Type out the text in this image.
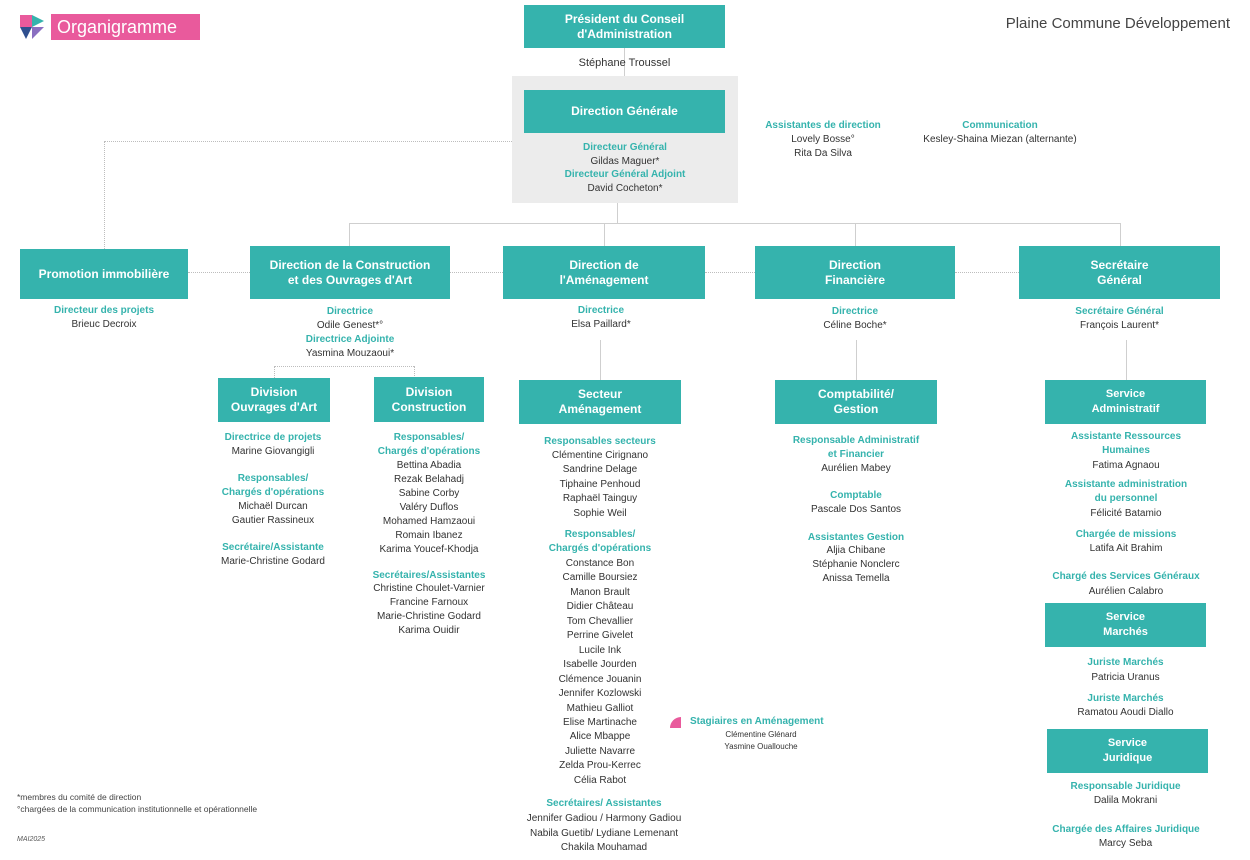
Organigramme	Plaine Commune Développement
Président du Conseil
d'Administration
Stéphane Troussel
Direction Générale
Directeur Général
Gildas Maguer*
Directeur Général Adjoint
David Cocheton*
Assistantes de direction
Lovely Bosse°
Rita Da Silva
Communication
Kesley-Shaina Miezan (alternante)
Promotion immobilière
Directeur des projets
Brieuc Decroix
Direction de la Construction
et des Ouvrages d'Art
Directrice
Odile Genest*°
Directrice Adjointe
Yasmina Mouzaoui*
Direction de
l'Aménagement
Directrice
Elsa Paillard*
Direction
Financière
Directrice
Céline Boche*
Secrétaire
Général
Secrétaire Général
François Laurent*
Division
Ouvrages d'Art
Directrice de projets
Marine Giovangigli
Responsables/
Chargés d'opérations
Michaël Durcan
Gautier Rassineux
Secrétaire/Assistante
Marie-Christine Godard
Division
Construction
Responsables/
Chargés d'opérations
Bettina Abadia
Rezak Belahadj
Sabine Corby
Valéry Duflos
Mohamed Hamzaoui
Romain Ibanez
Karima Youcef-Khodja
Secrétaires/Assistantes
Christine Choulet-Varnier
Francine Farnoux
Marie-Christine Godard
Karima Ouidir
Secteur
Aménagement
Responsables secteurs
Clémentine Cirignano
Sandrine Delage
Tiphaine Penhoud
Raphaël Tainguy
Sophie Weil
Responsables/
Chargés d'opérations
Constance Bon
Camille Boursiez
Manon Brault
Didier Château
Tom Chevallier
Perrine Givelet
Lucile Ink
Isabelle Jourden
Clémence Jouanin
Jennifer Kozlowski
Mathieu Galliot
Elise Martinache
Alice Mbappe
Juliette Navarre
Zelda Prou-Kerrec
Célia Rabot
Secrétaires/ Assistantes
Jennifer Gadiou / Harmony Gadiou
Nabila Guetib/ Lydiane Lemenant
Chakila Mouhamad
Stagiaires en Aménagement
Clémentine Glénard
Yasmine Ouallouche
Comptabilité/
Gestion
Responsable Administratif
et Financier
Aurélien Mabey
Comptable
Pascale Dos Santos
Assistantes Gestion
Aljia Chibane
Stéphanie Nonclerc
Anissa Temella
Service
Administratif
Assistante Ressources
Humaines
Fatima Agnaou
Assistante administration
du personnel
Félicité Batamio
Chargée de missions
Latifa Ait Brahim
Chargé des Services Généraux
Aurélien Calabro
Service
Marchés
Juriste Marchés
Patricia Uranus
Juriste Marchés
Ramatou Aoudi Diallo
Service
Juridique
Responsable Juridique
Dalila Mokrani
Chargée des Affaires Juridique
Marcy Seba
*membres du comité de direction
°chargées de la communication institutionnelle et opérationnelle
MAI2025
